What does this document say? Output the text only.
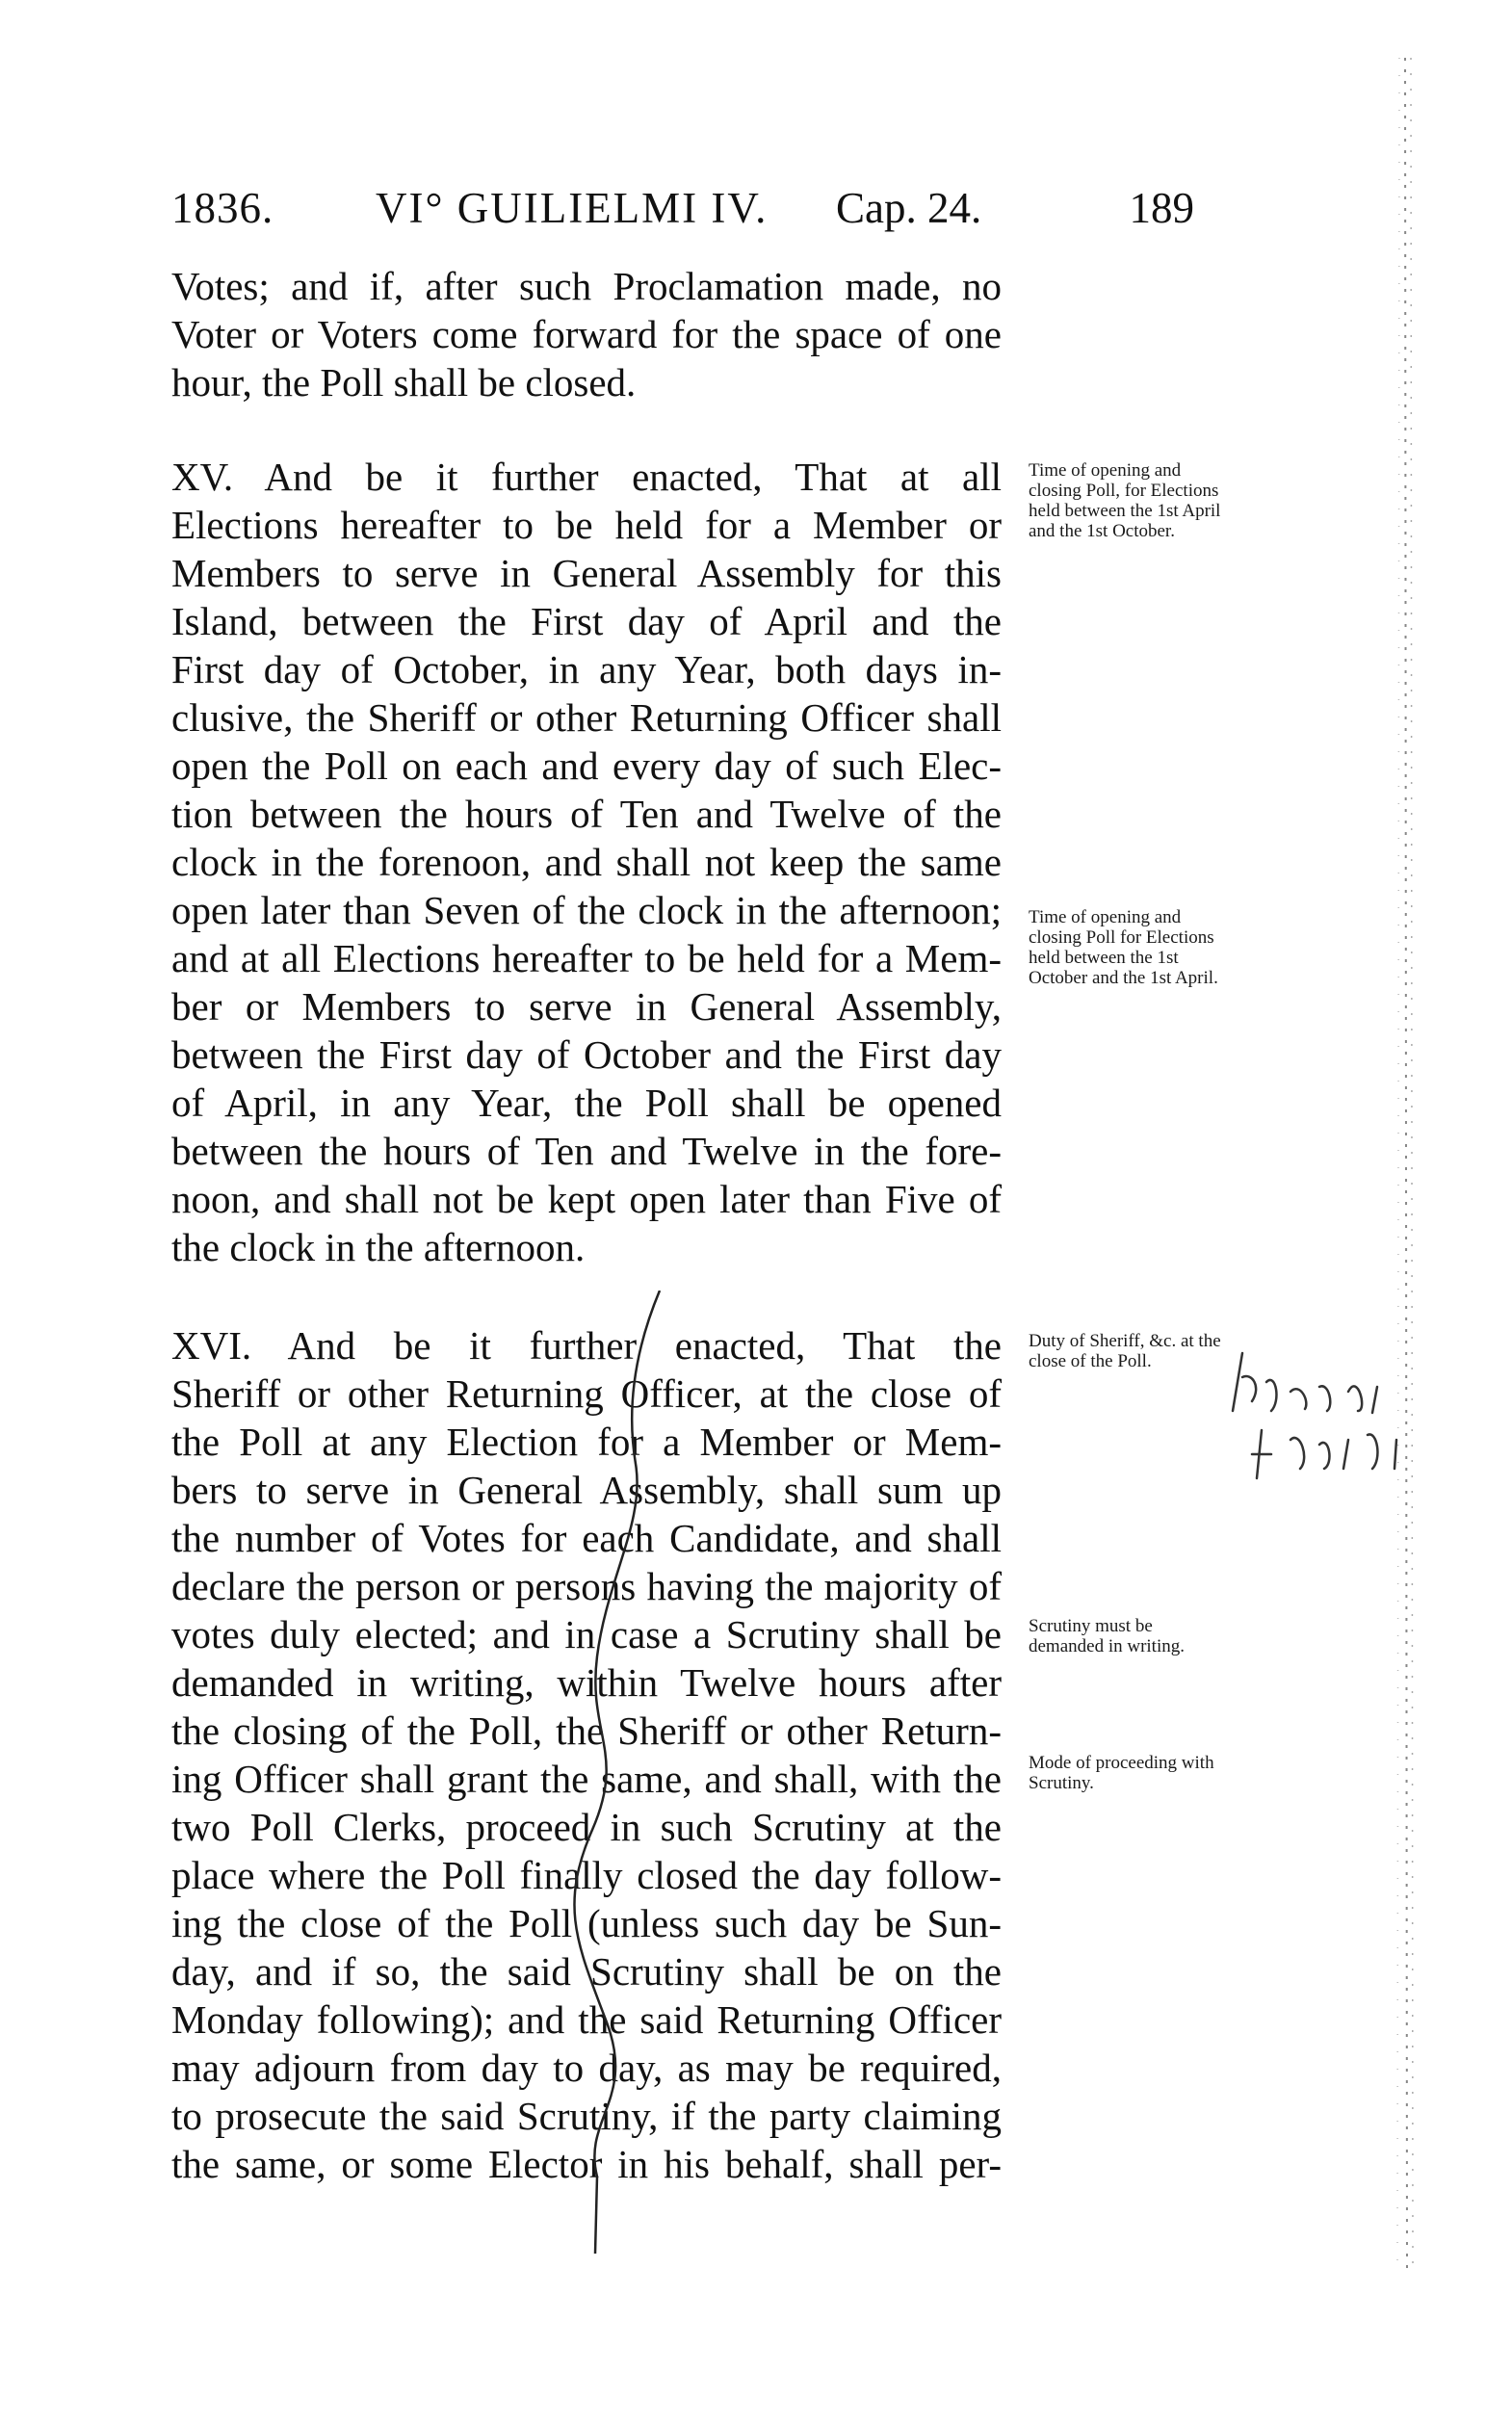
1836. VI° GUILIELMI IV. Cap. 24.	189

Votes; and if, after such Proclamation made, no

Voter or Voters come forward for the space of one

hour, the Poll shall be closed.

XV. And be it further enacted, That at all

Elections hereafter to be held for a Member or

Members to serve in General Assembly for this

Island, between the First day of April and the

First day of October, in any Year, both days in-

clusive, the Sheriff or other Returning Officer shall

open the Poll on each and every day of such Elec-

tion between the hours of Ten and Twelve of the

clock in the forenoon, and shall not keep the same

open later than Seven of the clock in the afternoon;

and at all Elections hereafter to be held for a Mem-

ber or Members to serve in General Assembly,

between the First day of October and the First day

of April, in any Year, the Poll shall be opened

between the hours of Ten and Twelve in the fore-

noon, and shall not be kept open later than Five of

the clock in the afternoon.

XVI. And be it further enacted, That the

Sheriff or other Returning Officer, at the close of

the Poll at any Election for a Member or Mem-

bers to serve in General Assembly, shall sum up

the number of Votes for each Candidate, and shall

declare the person or persons having the majority of

votes duly elected; and in case a Scrutiny shall be

demanded in writing, within Twelve hours after

the closing of the Poll, the Sheriff or other Return-

ing Officer shall grant the same, and shall, with the

two Poll Clerks, proceed in such Scrutiny at the

place where the Poll finally closed the day follow-

ing the close of the Poll (unless such day be Sun-

day, and if so, the said Scrutiny shall be on the

Monday following); and the said Returning Officer

may adjourn from day to day, as may be required,

to prosecute the said Scrutiny, if the party claiming

the same, or some Elector in his behalf, shall per-

Time of opening and closing Poll, for Elections held between the 1st April and the 1st October.
Time of opening and closing Poll for Elections held between the 1st October and the 1st April.
Duty of Sheriff, &c. at the close of the Poll.
Scrutiny must be demanded in writing.
Mode of proceeding with Scrutiny.
